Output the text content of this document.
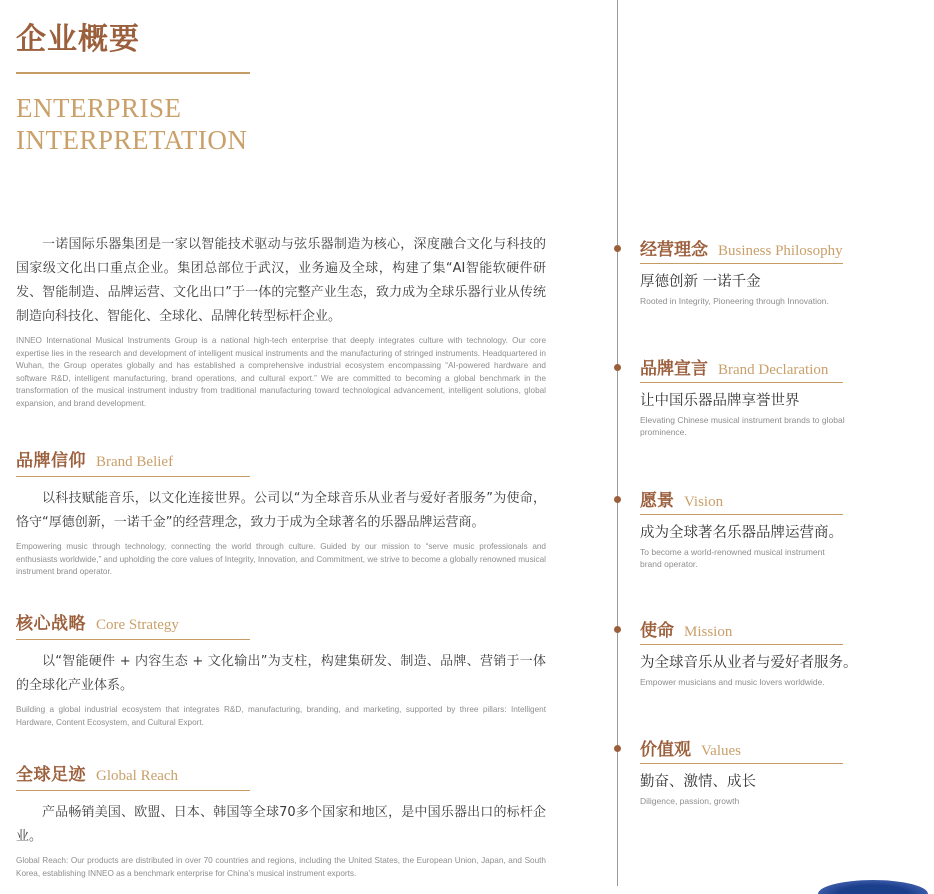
企业概要
ENTERPRISE
INTERPRETATION

一诺国际乐器集团是一家以智能技术驱动与弦乐器制造为核心，深度融合文化与科技的国家级文化出口重点企业。集团总部位于武汉，业务遍及全球，构建了集“AI智能软硬件研发、智能制造、品牌运营、文化出口”于一体的完整产业生态，致力成为全球乐器行业从传统制造向科技化、智能化、全球化、品牌化转型标杆企业。

INNEO International Musical Instruments Group is a national high-tech enterprise that deeply integrates culture with technology. Our core expertise lies in the research and development of intelligent musical instruments and the manufacturing of stringed instruments. Headquartered in Wuhan, the Group operates globally and has established a comprehensive industrial ecosystem encompassing “AI-powered hardware and software R&D, intelligent manufacturing, brand operations, and cultural export.” We are committed to becoming a global benchmark in the transformation of the musical instrument industry from traditional manufacturing toward technological advancement, intelligent solutions, global expansion, and brand development.

品牌信仰 Brand Belief

以科技赋能音乐，以文化连接世界。公司以“为全球音乐从业者与爱好者服务”为使命，恪守“厚德创新，一诺千金”的经营理念，致力于成为全球著名的乐器品牌运营商。

Empowering music through technology, connecting the world through culture. Guided by our mission to “serve music professionals and enthusiasts worldwide,” and upholding the core values of Integrity, Innovation, and Commitment, we strive to become a globally renowned musical instrument brand operator.

核心战略 Core Strategy

以“智能硬件 + 内容生态 + 文化输出”为支柱，构建集研发、制造、品牌、营销于一体的全球化产业体系。

Building a global industrial ecosystem that integrates R&D, manufacturing, branding, and marketing, supported by three pillars: Intelligent Hardware, Content Ecosystem, and Cultural Export.

全球足迹 Global Reach

产品畅销美国、欧盟、日本、韩国等全球70多个国家和地区，是中国乐器出口的标杆企业。

Global Reach: Our products are distributed in over 70 countries and regions, including the United States, the European Union, Japan, and South Korea, establishing INNEO as a benchmark enterprise for China’s musical instrument exports.

经营理念 Business Philosophy
厚德创新 一诺千金
Rooted in Integrity, Pioneering through Innovation.
品牌宣言 Brand Declaration
让中国乐器品牌享誉世界
Elevating Chinese musical instrument brands to global prominence.
愿景 Vision
成为全球著名乐器品牌运营商。
To become a world-renowned musical instrument brand operator.
使命 Mission
为全球音乐从业者与爱好者服务。
Empower musicians and music lovers worldwide.
价值观 Values
勤奋、激情、成长
Diligence, passion, growth
